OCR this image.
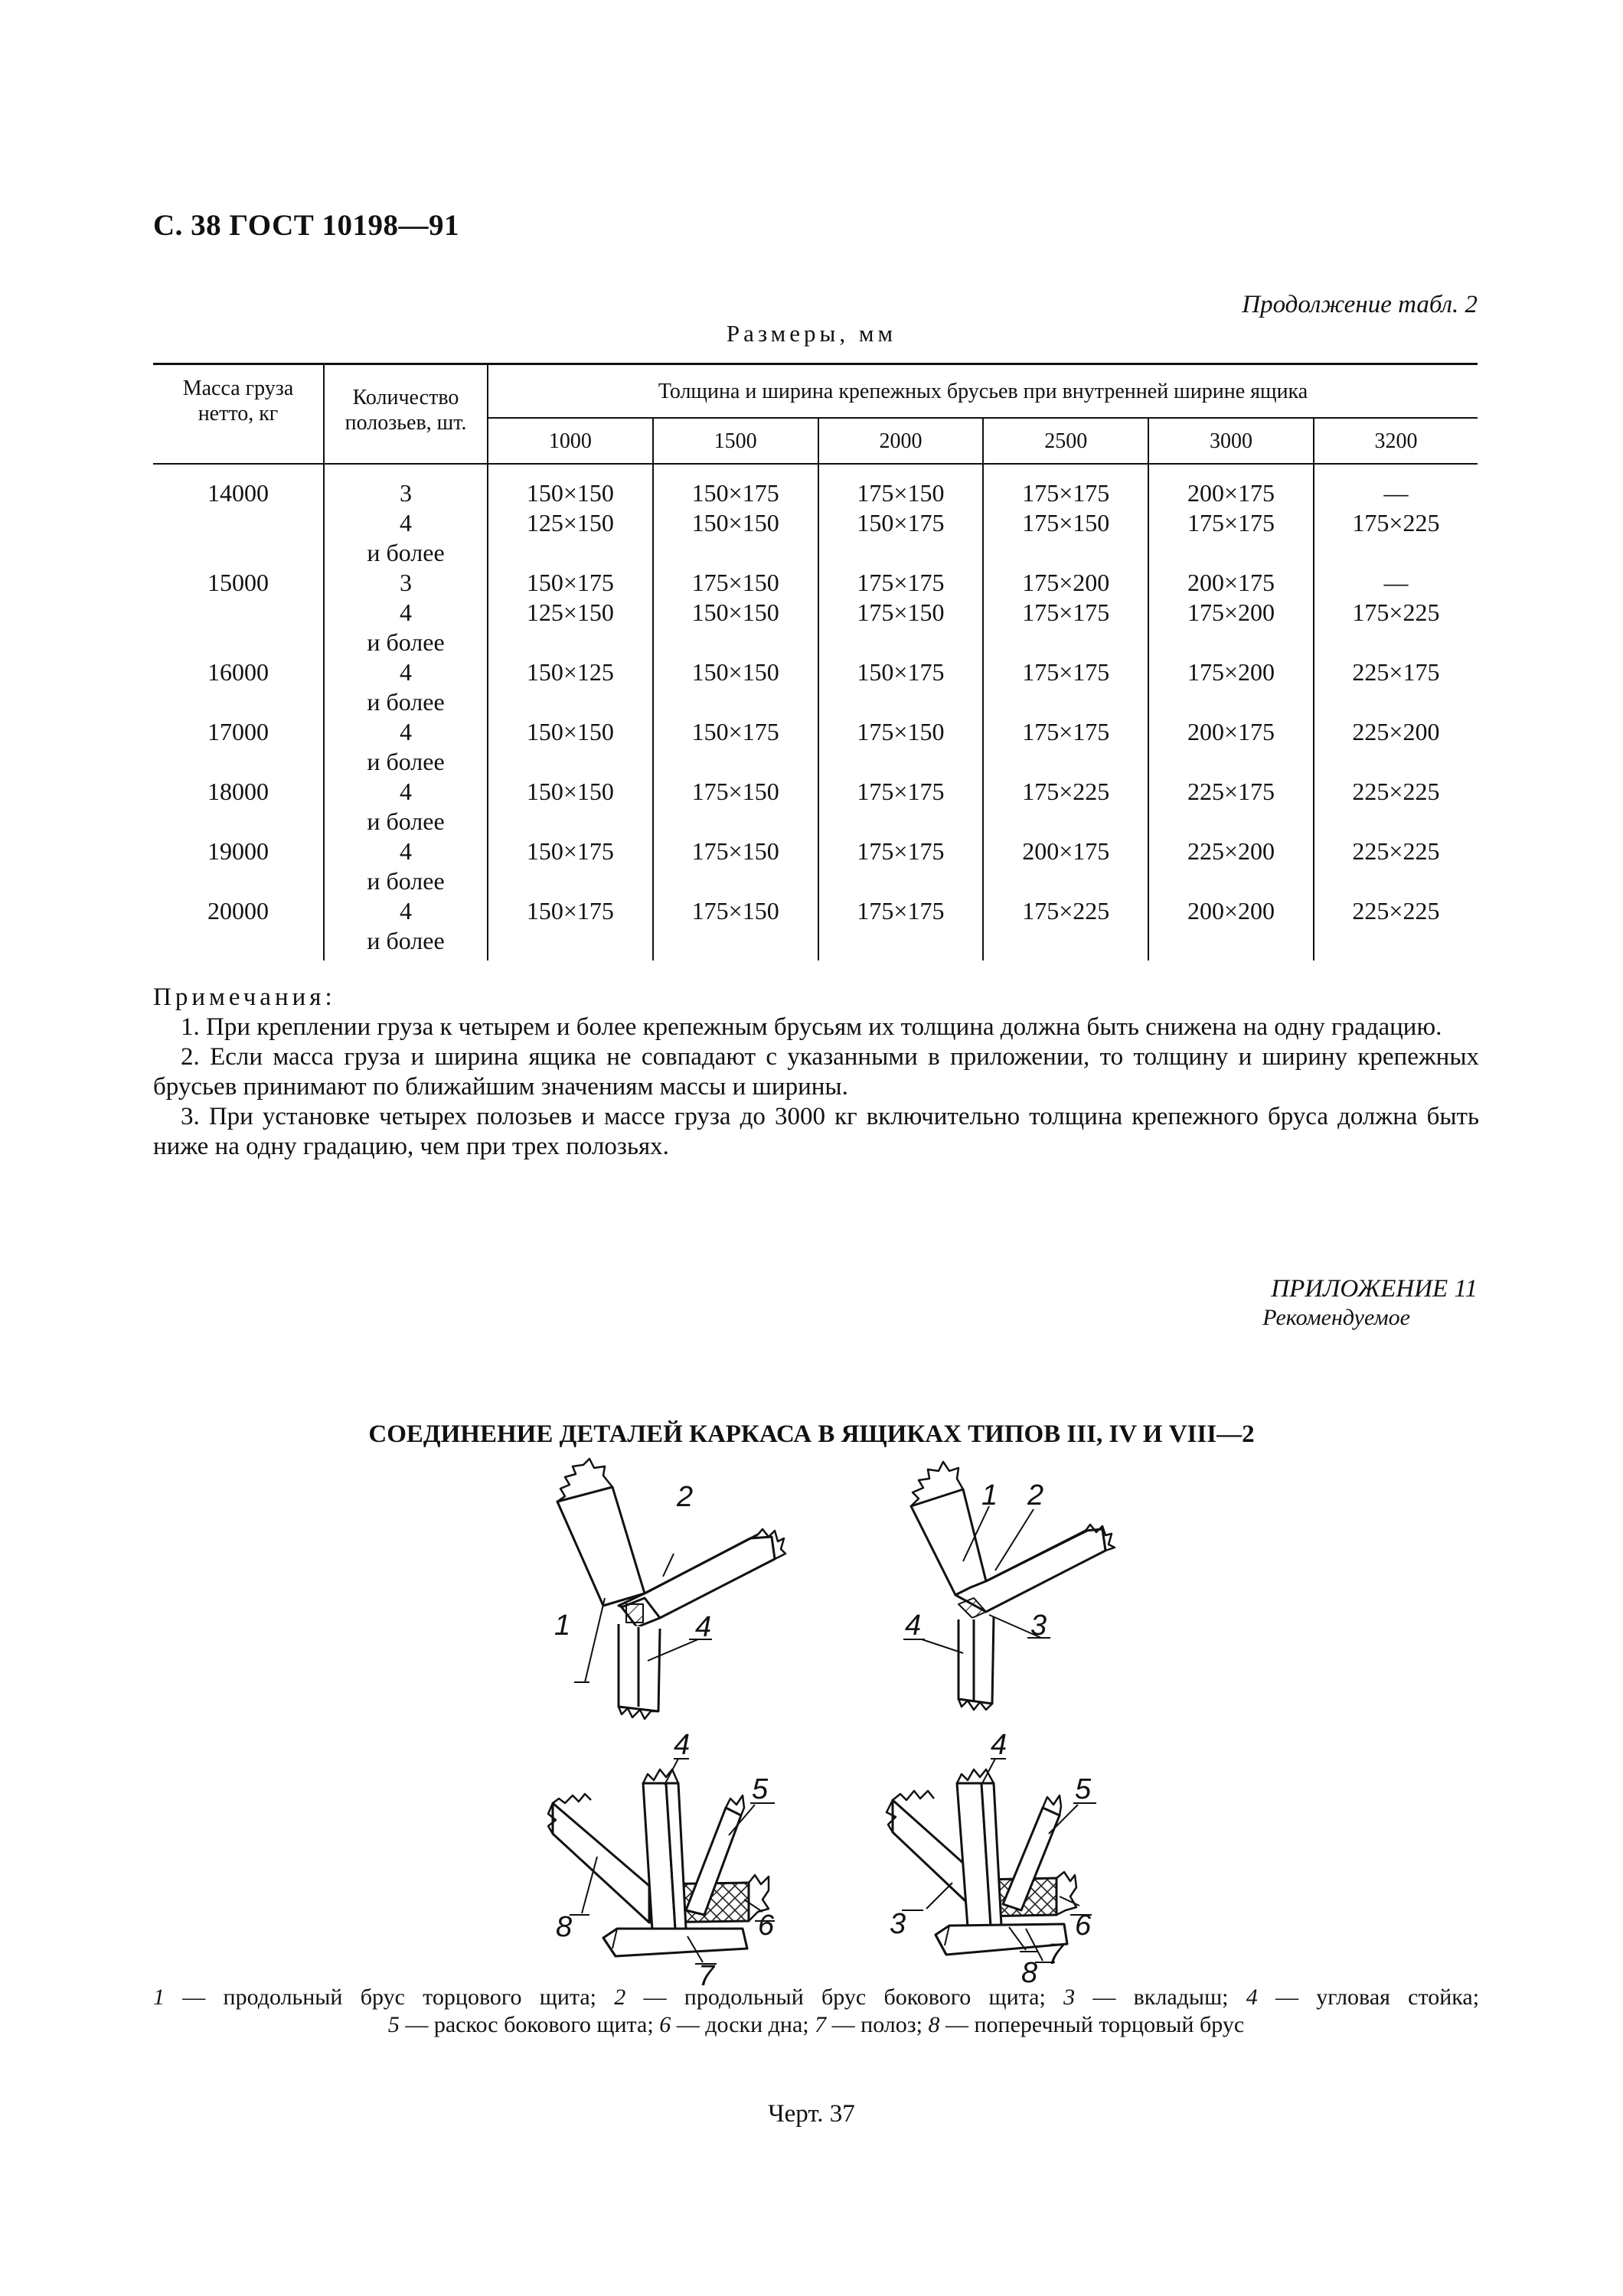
С. 38 ГОСТ 10198—91
Продолжение табл. 2
Размеры, мм
Масса груза нетто, кг	Количество полозьев, шт.	Толщина и ширина крепежных брусьев при внутренней ширине ящика					
		1000	1500	2000	2500	3000	3200
14000	3	150×150	150×175	175×150	175×175	200×175	—
	4	125×150	150×150	150×175	175×150	175×175	175×225
	и более						
15000	3	150×175	175×150	175×175	175×200	200×175	—
	4	125×150	150×150	175×150	175×175	175×200	175×225
	и более						
16000	4	150×125	150×150	150×175	175×175	175×200	225×175
	и более						
17000	4	150×150	150×175	175×150	175×175	200×175	225×200
	и более						
18000	4	150×150	175×150	175×175	175×225	225×175	225×225
	и более						
19000	4	150×175	175×150	175×175	200×175	225×200	225×225
	и более						
20000	4	150×175	175×150	175×175	175×225	200×200	225×225
	и более						
Примечания:

1. При креплении груза к четырем и более крепежным брусьям их толщина должна быть снижена на одну градацию.

2. Если масса груза и ширина ящика не совпадают с указанными в приложении, то толщину и ширину крепежных брусьев принимают по ближайшим значениям массы и ширины.

3. При установке четырех полозьев и массе груза до 3000 кг включительно толщина крепежного бруса должна быть ниже на одну градацию, чем при трех полозьях.

ПРИЛОЖЕНИЕ 11
Рекомендуемое
СОЕДИНЕНИЕ ДЕТАЛЕЙ КАРКАСА В ЯЩИКАХ ТИПОВ III, IV И VIII—2
2
1	4
1 2
4	3
4
5
8	6
7
4
5
3	6
7
8
1 — продольный брус торцового щита; 2 — продольный брус бокового щита; 3 — вкладыш; 4 — угловая стойка;
5 — раскос бокового щита; 6 — доски дна; 7 — полоз; 8 — поперечный торцовый брус
Черт. 37
